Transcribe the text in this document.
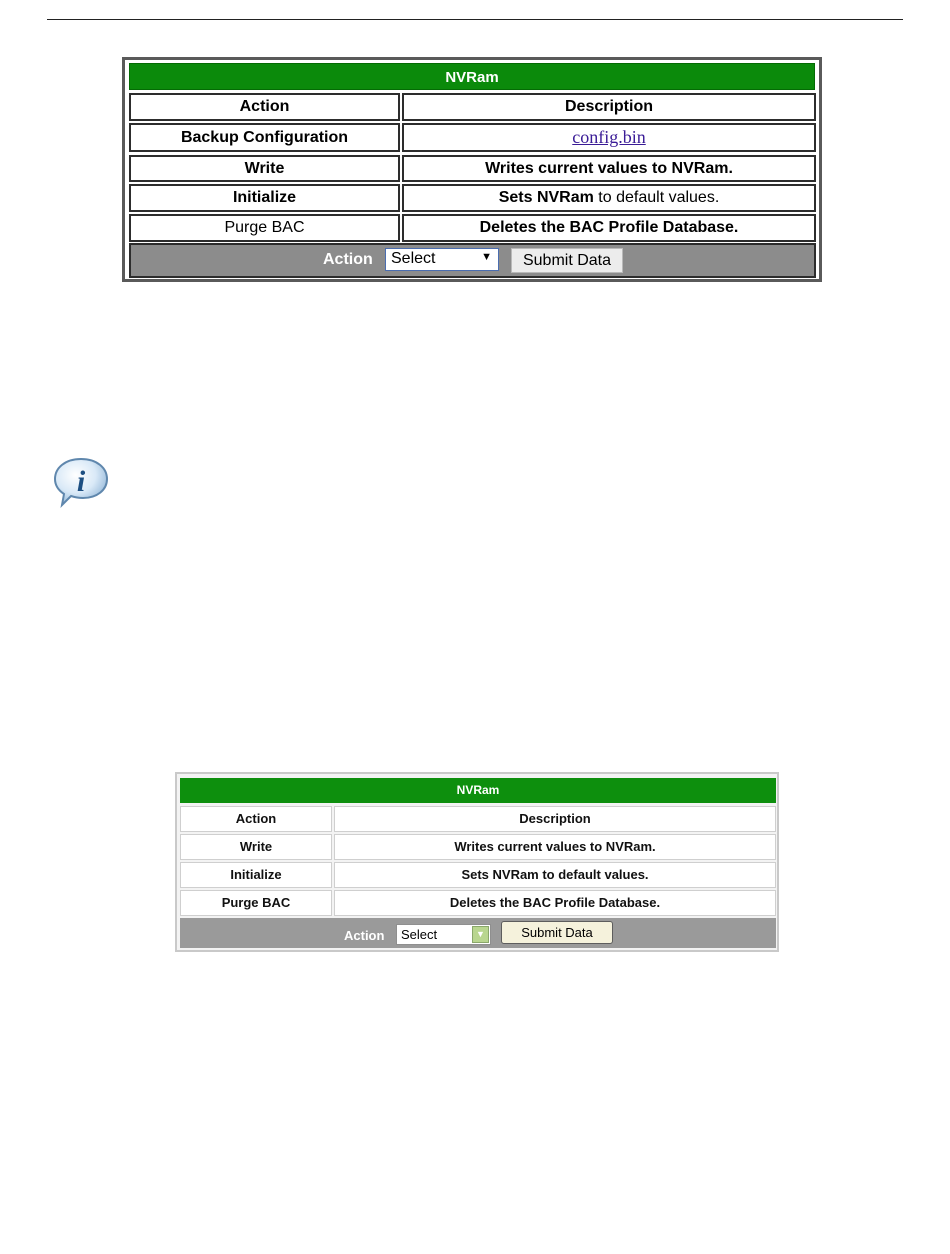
NVRam
Action	Description
Backup Configuration	config.bin
Write	Writes current values to NVRam.
Initialize	Sets NVRam to default values.
Purge BAC	Deletes the BAC Profile Database.
Action Select	▼	Submit Data
i
NVRam
Action	Description
Write	Writes current values to NVRam.
Initialize	Sets NVRam to default values.
Purge BAC	Deletes the BAC Profile Database.
Action Select	▼	Submit Data
